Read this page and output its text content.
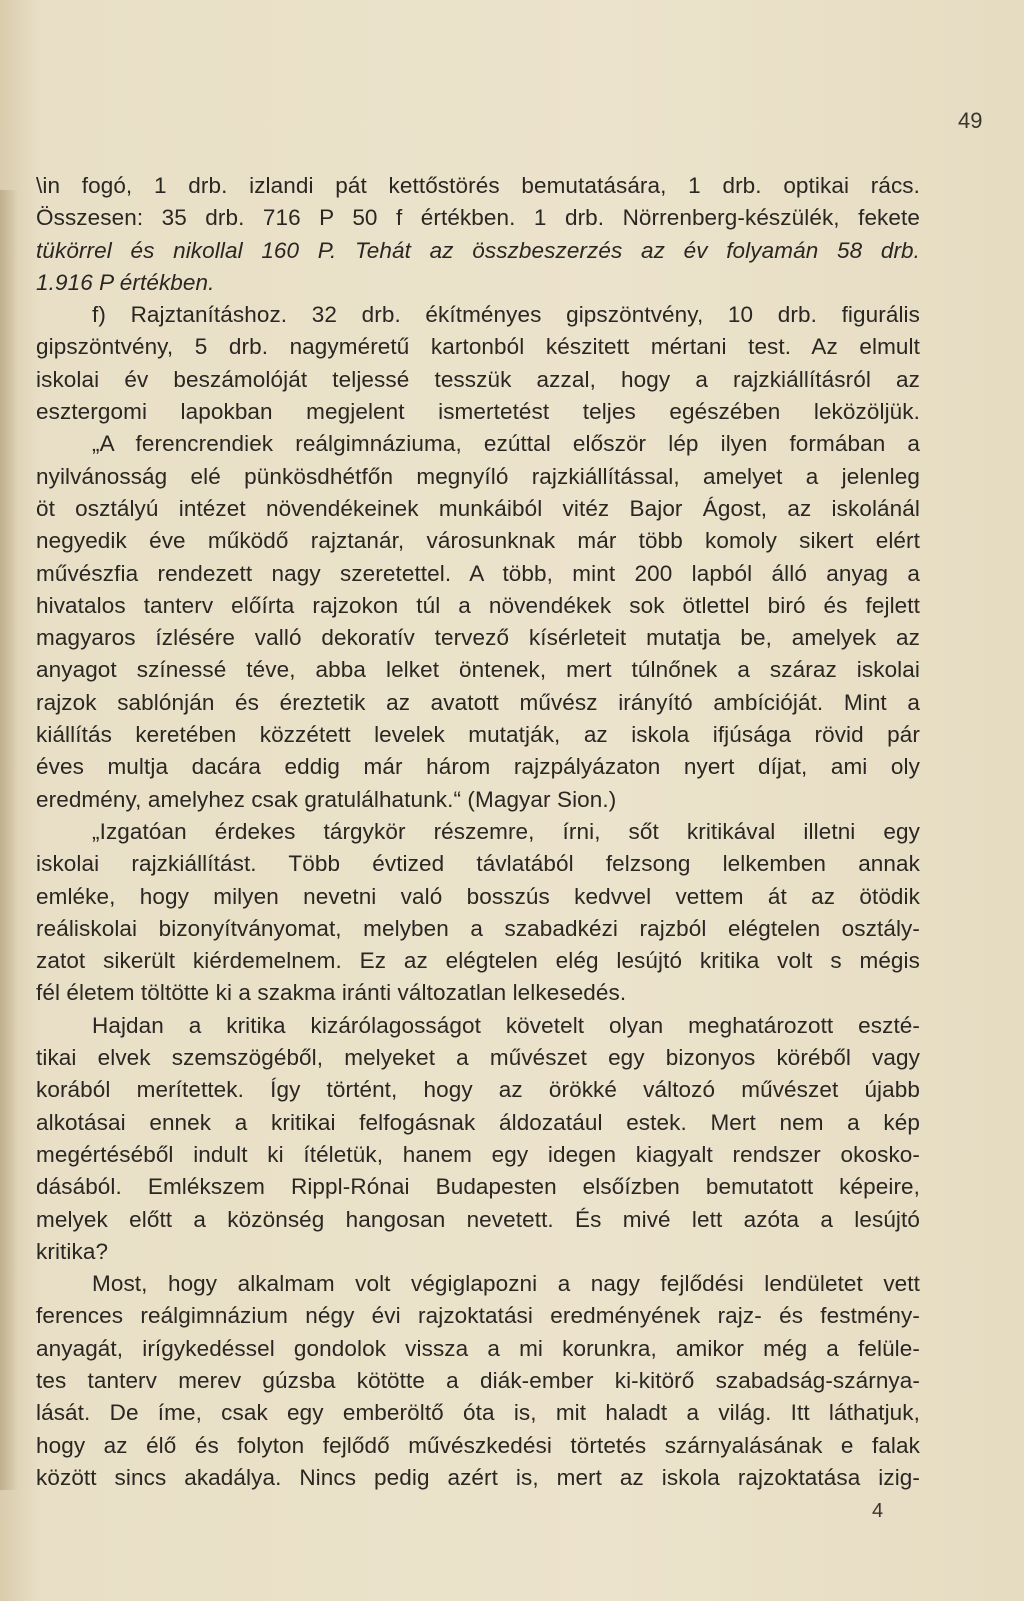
49
\in fogó, 1 drb. izlandi pát kettőstörés bemutatására, 1 drb. optikai rács.
Összesen: 35 drb. 716 P 50 f értékben. 1 drb. Nörrenberg-készülék, fekete
tükörrel és nikollal 160 P. Tehát az összbeszerzés az év folyamán 58 drb.
1.916 P értékben.
f) Rajztanításhoz. 32 drb. ékítményes gipszöntvény, 10 drb. figurális
gipszöntvény, 5 drb. nagyméretű kartonból készitett mértani test. Az elmult
iskolai év beszámolóját teljessé tesszük azzal, hogy a rajzkiállításról az
esztergomi lapokban megjelent ismertetést teljes egészében leközöljük.
„A ferencrendiek reálgimnáziuma, ezúttal először lép ilyen formában a
nyilvánosság elé pünkösdhétfőn megnyíló rajzkiállítással, amelyet a jelenleg
öt osztályú intézet növendékeinek munkáiból vitéz Bajor Ágost, az iskolánál
negyedik éve működő rajztanár, városunknak már több komoly sikert elért
művészfia rendezett nagy szeretettel. A több, mint 200 lapból álló anyag a
hivatalos tanterv előírta rajzokon túl a növendékek sok ötlettel biró és fejlett
magyaros ízlésére valló dekoratív tervező kísérleteit mutatja be, amelyek az
anyagot színessé téve, abba lelket öntenek, mert túlnőnek a száraz iskolai
rajzok sablónján és éreztetik az avatott művész irányító ambícióját. Mint a
kiállítás keretében közzétett levelek mutatják, az iskola ifjúsága rövid pár
éves multja dacára eddig már három rajzpályázaton nyert díjat, ami oly
eredmény, amelyhez csak gratulálhatunk.“ (Magyar Sion.)
„Izgatóan érdekes tárgykör részemre, írni, sőt kritikával illetni egy
iskolai rajzkiállítást. Több évtized távlatából felzsong lelkemben annak
emléke, hogy milyen nevetni való bosszús kedvvel vettem át az ötödik
reáliskolai bizonyítványomat, melyben a szabadkézi rajzból elégtelen osztály-
zatot sikerült kiérdemelnem. Ez az elégtelen elég lesújtó kritika volt s mégis
fél életem töltötte ki a szakma iránti változatlan lelkesedés.
Hajdan a kritika kizárólagosságot követelt olyan meghatározott eszté-
tikai elvek szemszögéből, melyeket a művészet egy bizonyos köréből vagy
korából merítettek. Így történt, hogy az örökké változó művészet újabb
alkotásai ennek a kritikai felfogásnak áldozatául estek. Mert nem a kép
megértéséből indult ki ítéletük, hanem egy idegen kiagyalt rendszer okosko-
dásából. Emlékszem Rippl-Rónai Budapesten elsőízben bemutatott képeire,
melyek előtt a közönség hangosan nevetett. És mivé lett azóta a lesújtó
kritika?
Most, hogy alkalmam volt végiglapozni a nagy fejlődési lendületet vett
ferences reálgimnázium négy évi rajzoktatási eredményének rajz- és festmény-
anyagát, irígykedéssel gondolok vissza a mi korunkra, amikor még a felüle-
tes tanterv merev gúzsba kötötte a diák-ember ki-kitörő szabadság-szárnya-
lását. De íme, csak egy emberöltő óta is, mit haladt a világ. Itt láthatjuk,
hogy az élő és folyton fejlődő művészkedési törtetés szárnyalásának e falak
között sincs akadálya. Nincs pedig azért is, mert az iskola rajzoktatása izig-
4
